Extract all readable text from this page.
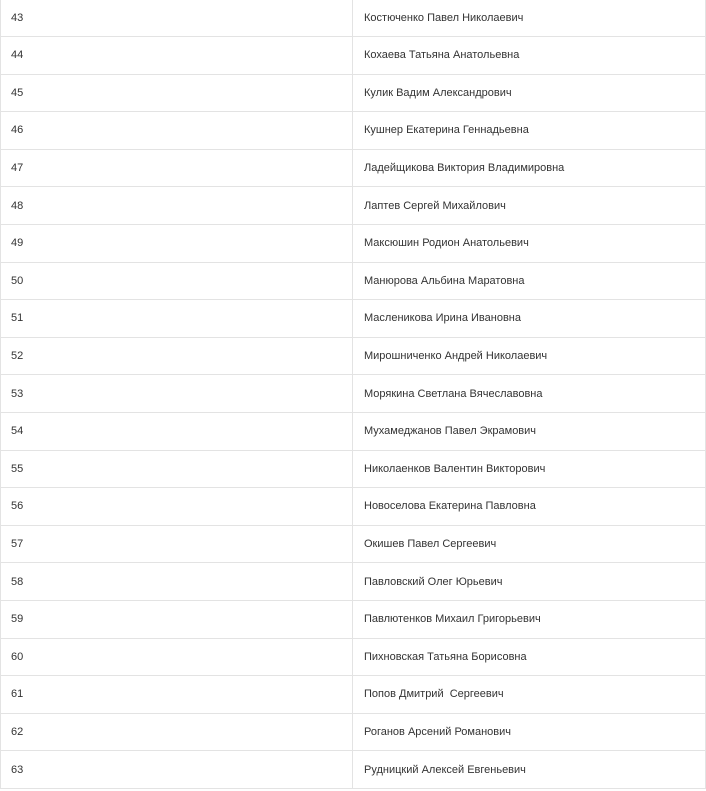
43	Костюченко Павел Николаевич
44	Кохаева Татьяна Анатольевна
45	Кулик Вадим Александрович
46	Кушнер Екатерина Геннадьевна
47	Ладейщикова Виктория Владимировна
48	Лаптев Сергей Михайлович
49	Максюшин Родион Анатольевич
50	Манюрова Альбина Маратовна
51	Масленикова Ирина Ивановна
52	Мирошниченко Андрей Николаевич
53	Морякина Светлана Вячеславовна
54	Мухамеджанов Павел Экрамович
55	Николаенков Валентин Викторович
56	Новоселова Екатерина Павловна
57	Окишев Павел Сергеевич
58	Павловский Олег Юрьевич
59	Павлютенков Михаил Григорьевич
60	Пихновская Татьяна Борисовна
61	Попов Дмитрий  Сергеевич
62	Роганов Арсений Романович
63	Рудницкий Алексей Евгеньевич
